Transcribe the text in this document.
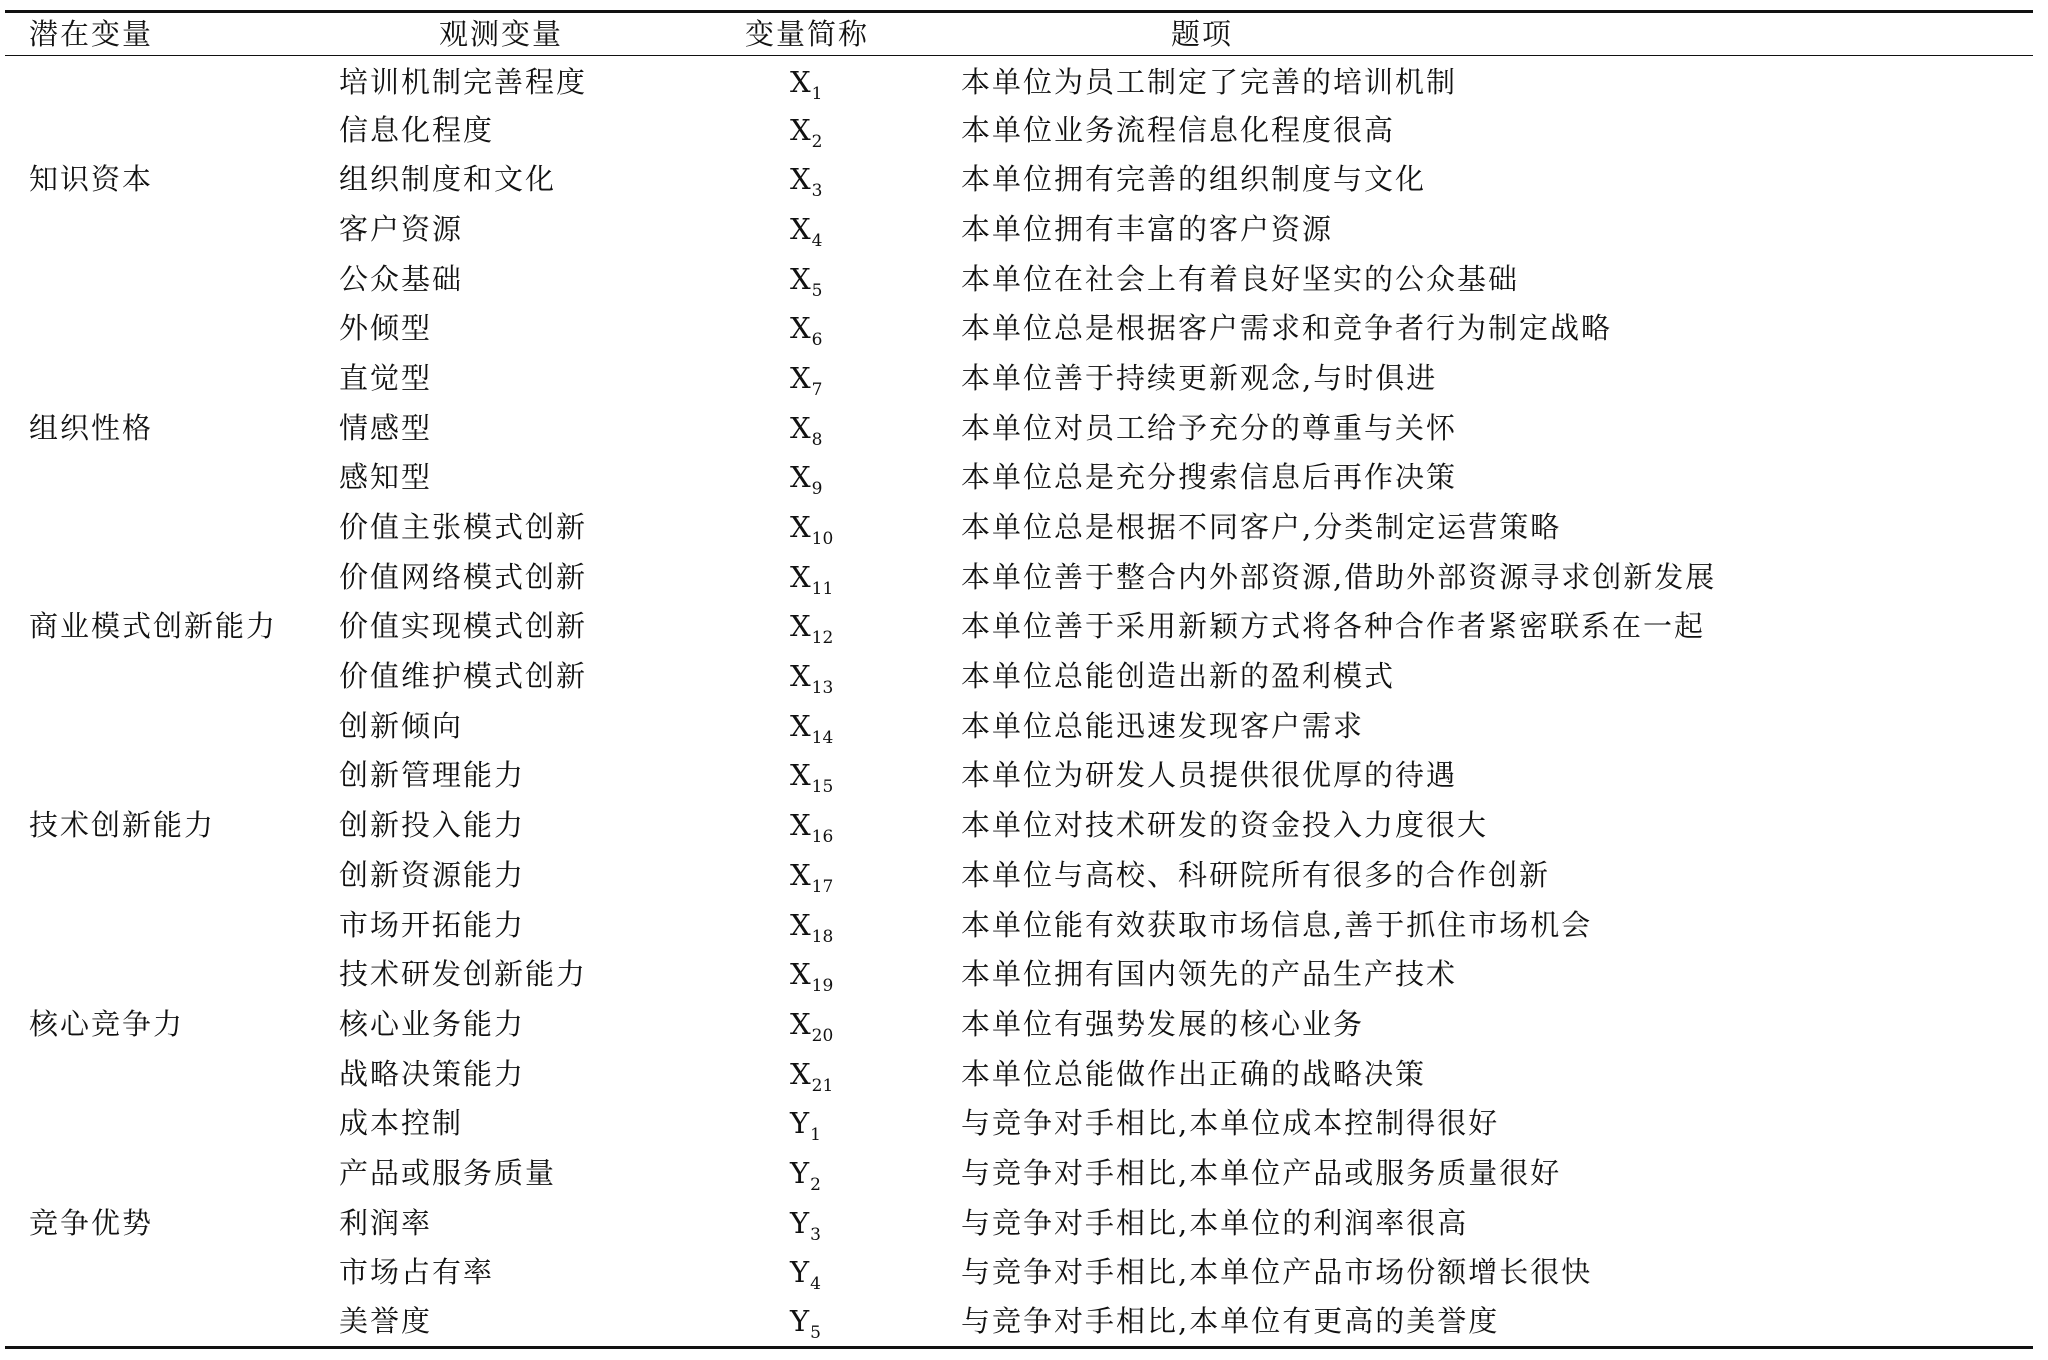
潜在变量	观测变量	变量简称	题项
	培训机制完善程度	$X_1$	本单位为员工制定了完善的培训机制
	信息化程度	$X_2$	本单位业务流程信息化程度很高
知识资本	组织制度和文化	$X_3$	本单位拥有完善的组织制度与文化
	客户资源	$X_4$	本单位拥有丰富的客户资源
	公众基础	$X_5$	本单位在社会上有着良好坚实的公众基础
	外倾型	$X_6$	本单位总是根据客户需求和竞争者行为制定战略
	直觉型	$X_7$	本单位善于持续更新观念,与时俱进
组织性格	情感型	$X_8$	本单位对员工给予充分的尊重与关怀
	感知型	$X_9$	本单位总是充分搜索信息后再作决策
	价值主张模式创新	$X_{10}$	本单位总是根据不同客户,分类制定运营策略
	价值网络模式创新	$X_{11}$	本单位善于整合内外部资源,借助外部资源寻求创新发展
商业模式创新能力	价值实现模式创新	$X_{12}$	本单位善于采用新颖方式将各种合作者紧密联系在一起
	价值维护模式创新	$X_{13}$	本单位总能创造出新的盈利模式
	创新倾向	$X_{14}$	本单位总能迅速发现客户需求
	创新管理能力	$X_{15}$	本单位为研发人员提供很优厚的待遇
技术创新能力	创新投入能力	$X_{16}$	本单位对技术研发的资金投入力度很大
	创新资源能力	$X_{17}$	本单位与高校、科研院所有很多的合作创新
	市场开拓能力	$X_{18}$	本单位能有效获取市场信息,善于抓住市场机会
	技术研发创新能力	$X_{19}$	本单位拥有国内领先的产品生产技术
核心竞争力	核心业务能力	$X_{20}$	本单位有强势发展的核心业务
	战略决策能力	$X_{21}$	本单位总能做作出正确的战略决策
	成本控制	$Y_1$	与竞争对手相比,本单位成本控制得很好
	产品或服务质量	$Y_2$	与竞争对手相比,本单位产品或服务质量很好
竞争优势	利润率	$Y_3$	与竞争对手相比,本单位的利润率很高
	市场占有率	$Y_4$	与竞争对手相比,本单位产品市场份额增长很快
	美誉度	$Y_5$	与竞争对手相比,本单位有更高的美誉度
